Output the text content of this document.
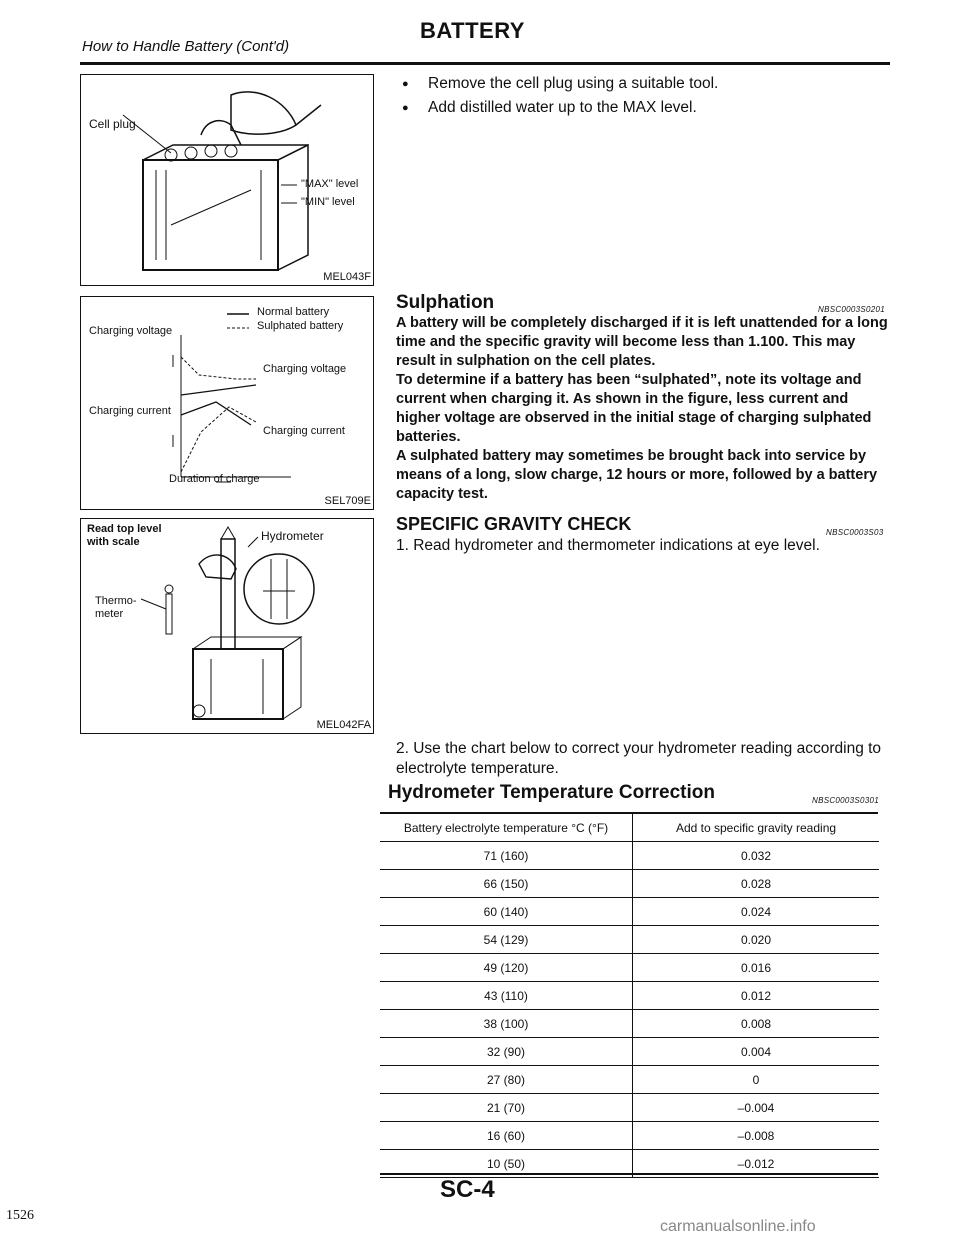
How to Handle Battery (Cont'd)
BATTERY
Cell plug
"MAX" level
"MIN" level
MEL043F
Normal battery
Sulphated battery
Charging voltage
Charging voltage
Charging current
Charging current
Duration of charge
SEL709E
Read top level
with scale	Hydrometer
Thermo-
meter
MEL042FA
● Remove the cell plug using a suitable tool.
● Add distilled water up to the MAX level.
Sulphation	NBSC0003S0201

A battery will be completely discharged if it is left unattended for a long time and the specific gravity will become less than 1.100. This may result in sulphation on the cell plates.

To determine if a battery has been “sulphated”, note its voltage and current when charging it. As shown in the figure, less current and higher voltage are observed in the initial stage of charging sulphated batteries.

A sulphated battery may sometimes be brought back into service by means of a long, slow charge, 12 hours or more, followed by a battery capacity test.

SPECIFIC GRAVITY CHECK	NBSC0003S03
1. Read hydrometer and thermometer indications at eye level.
2. Use the chart below to correct your hydrometer reading according to electrolyte temperature.
Hydrometer Temperature Correction	NBSC0003S0301
Battery electrolyte temperature °C (°F)	Add to specific gravity reading
71 (160)	0.032
66 (150)	0.028
60 (140)	0.024
54 (129)	0.020
49 (120)	0.016
43 (110)	0.012
38 (100)	0.008
32 (90)	0.004
27 (80)	0
21 (70)	–0.004
16 (60)	–0.008
10 (50)	–0.012
SC-4
1526
carmanualsonline.info
